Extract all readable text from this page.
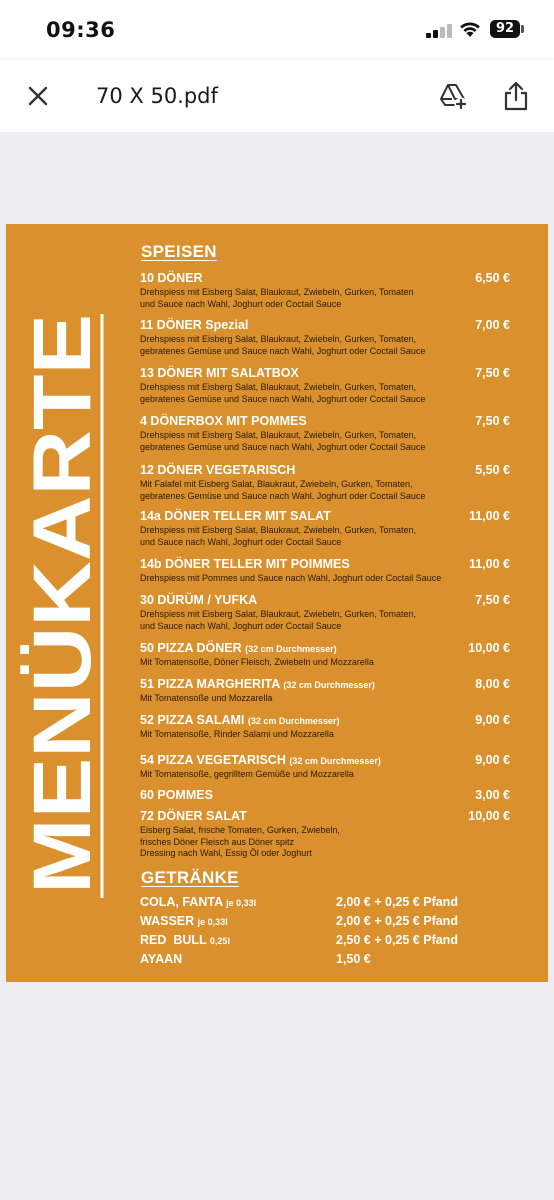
09:36	92
70 X 50.pdf
MENÜKARTE
SPEISEN
10 DÖNER	6,50 €
Drehspiess mit Eisberg Salat, Blaukraut, Zwiebeln, Gurken, Tomaten
und Sauce nach Wahl, Joghurt oder Coctail Sauce
11 DÖNER Spezial	7,00 €
Drehspiess mit Eisberg Salat, Blaukraut, Zwiebeln, Gurken, Tomaten,
gebratenes Gemüse und Sauce nach Wahl, Joghurt oder Coctail Sauce
13 DÖNER MIT SALATBOX	7,50 €
Drehspiess mit Eisberg Salat, Blaukraut, Zwiebeln, Gurken, Tomaten,
gebratenes Gemüse und Sauce nach Wahl, Joghurt oder Coctail Sauce
4 DÖNERBOX MIT POMMES	7,50 €
Drehspiess mit Eisberg Salat, Blaukraut, Zwiebeln, Gurken, Tomaten,
gebratenes Gemüse und Sauce nach Wahl, Joghurt oder Coctail Sauce
12 DÖNER VEGETARISCH	5,50 €
Mit Falafel mit Eisberg Salat, Blaukraut, Zwiebeln, Gurken, Tomaten,
gebratenes Gemüse und Sauce nach Wahl, Joghurt oder Coctail Sauce
14a DÖNER TELLER MIT SALAT	11,00 €
Drehspiess mit Eisberg Salat, Blaukraut, Zwiebeln, Gurken, Tomaten,
und Sauce nach Wahl, Joghurt oder Coctail Sauce
14b DÖNER TELLER MIT POIMMES	11,00 €
Drehspiess mit Pommes und Sauce nach Wahl, Joghurt oder Coctail Sauce
30 DÜRÜM / YUFKA	7,50 €
Drehspiess mit Eisberg Salat, Blaukraut, Zwiebeln, Gurken, Tomaten,
und Sauce nach Wahl, Joghurt oder Coctail Sauce
50 PIZZA DÖNER (32 cm Durchmesser)	10,00 €
Mit Tomatensoße, Döner Fleisch, Zwiebeln und Mozzarella
51 PIZZA MARGHERITA (32 cm Durchmesser)	8,00 €
Mit Tomatensoße und Mozzarella
52 PIZZA SALAMI (32 cm Durchmesser)	9,00 €
Mit Tomatensoße, Rinder Salami und Mozzarella
54 PIZZA VEGETARISCH (32 cm Durchmesser)	9,00 €
Mit Tomatensoße, gegrilltem Gemüße und Mozzarella
60 POMMES	3,00 €
72 DÖNER SALAT	10,00 €
Eisberg Salat, frische Tomaten, Gurken, Zwiebeln,
frisches Döner Fleisch aus Döner spitz
Dressing nach Wahl, Essig Öl oder Joghurt
GETRÄNKE
COLA, FANTA je 0,33l	2,00 € + 0,25 € Pfand
WASSER je 0,33l	2,00 € + 0,25 € Pfand
RED  BULL 0,25l	2,50 € + 0,25 € Pfand
AYAAN	1,50 €
